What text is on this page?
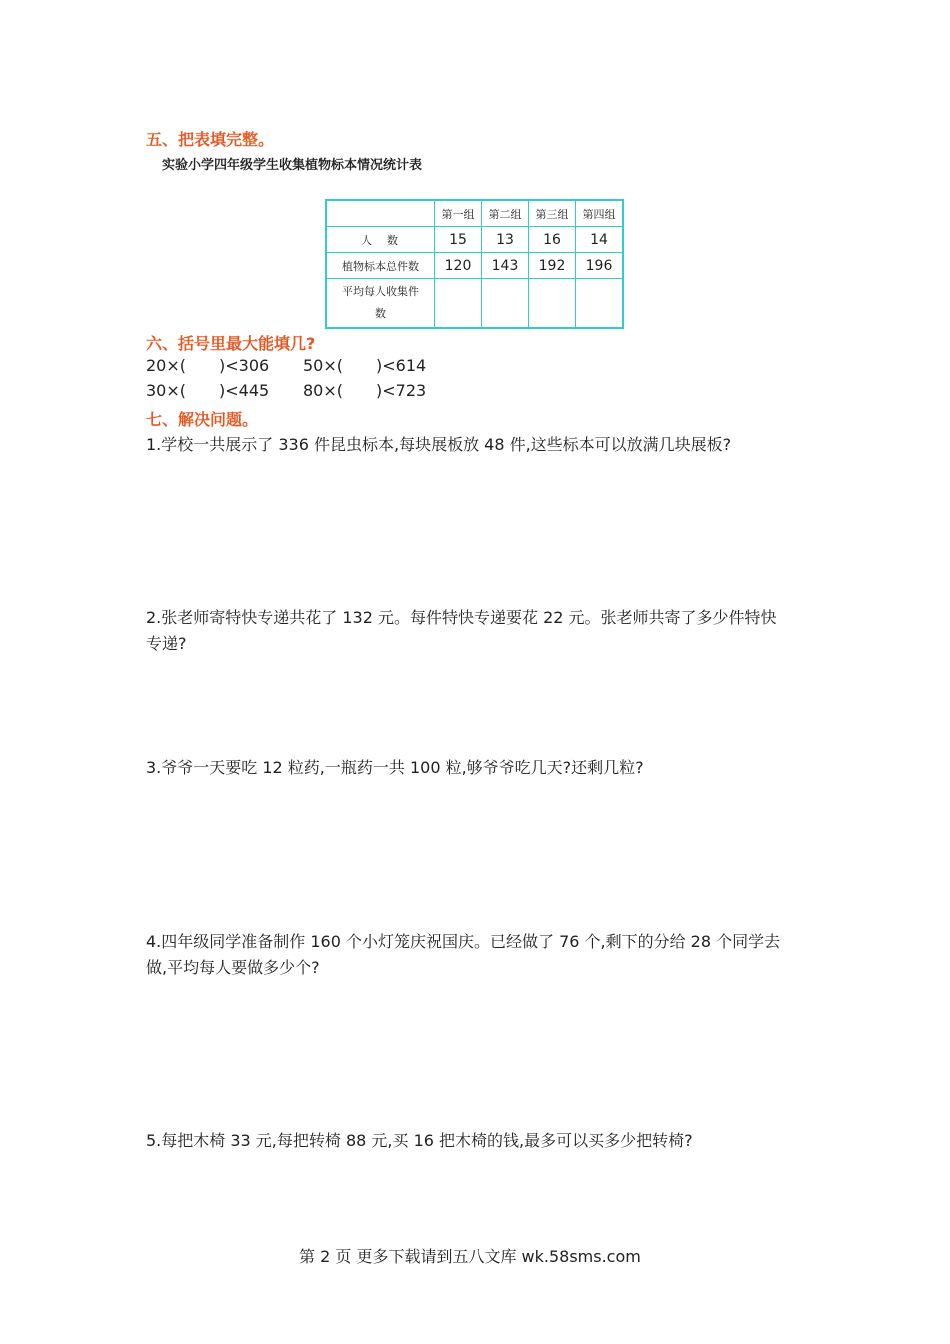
五、把表填完整。
实验小学四年级学生收集植物标本情况统计表
	第一组	第二组	第三组	第四组
人　数	15	13	16	14
植物标本总件数	120	143	192	196

平均每人收集件
数				

六、括号里最大能填几?
20×( )<306 50×( )<614
30×( )<445 80×( )<723
七、解决问题。
1.学校一共展示了 336 件昆虫标本,每块展板放 48 件,这些标本可以放满几块展板?
2.张老师寄特快专递共花了 132 元。每件特快专递要花 22 元。张老师共寄了多少件特快
专递?
3.爷爷一天要吃 12 粒药,一瓶药一共 100 粒,够爷爷吃几天?还剩几粒?
4.四年级同学准备制作 160 个小灯笼庆祝国庆。已经做了 76 个,剩下的分给 28 个同学去
做,平均每人要做多少个?
5.每把木椅 33 元,每把转椅 88 元,买 16 把木椅的钱,最多可以买多少把转椅?
第 2 页 更多下载请到五八文库 wk.58sms.com
